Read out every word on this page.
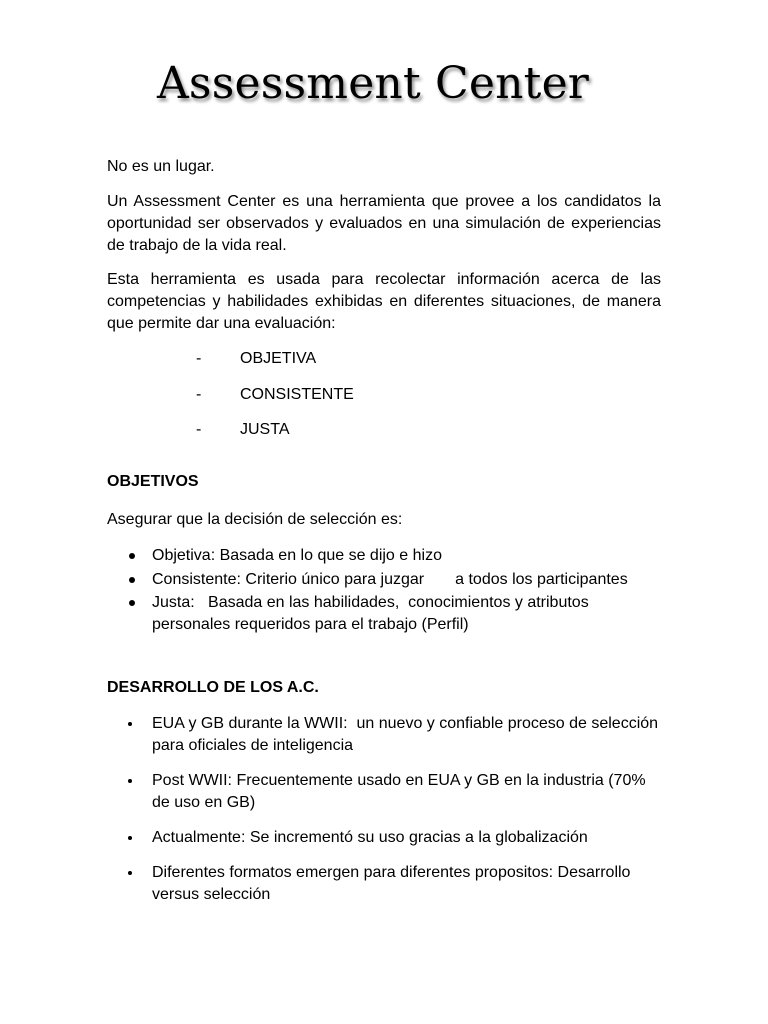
Assessment Center

No es un lugar.

Un Assessment Center es una herramienta que provee a los candidatos la oportunidad ser observados y evaluados en una simulación de experiencias de trabajo de la vida real.

Esta herramienta es usada para recolectar información acerca de las competencias y habilidades exhibidas en diferentes situaciones, de manera que permite dar una evaluación:

- OBJETIVA
- CONSISTENTE
- JUSTA

OBJETIVOS

Asegurar que la decisión de selección es:

Objetiva: Basada en lo que se dijo e hizo
Consistente: Criterio único para juzgar a todos los participantes
Justa:   Basada en las habilidades,  conocimientos y atributos personales requeridos para el trabajo (Perfil)

DESARROLLO DE LOS A.C.

EUA y GB durante la WWII:  un nuevo y confiable proceso de selección para oficiales de inteligencia
Post WWII: Frecuentemente usado en EUA y GB en la industria (70% de uso en GB)
Actualmente: Se incrementó su uso gracias a la globalización
Diferentes formatos emergen para diferentes propositos: Desarrollo versus selección
